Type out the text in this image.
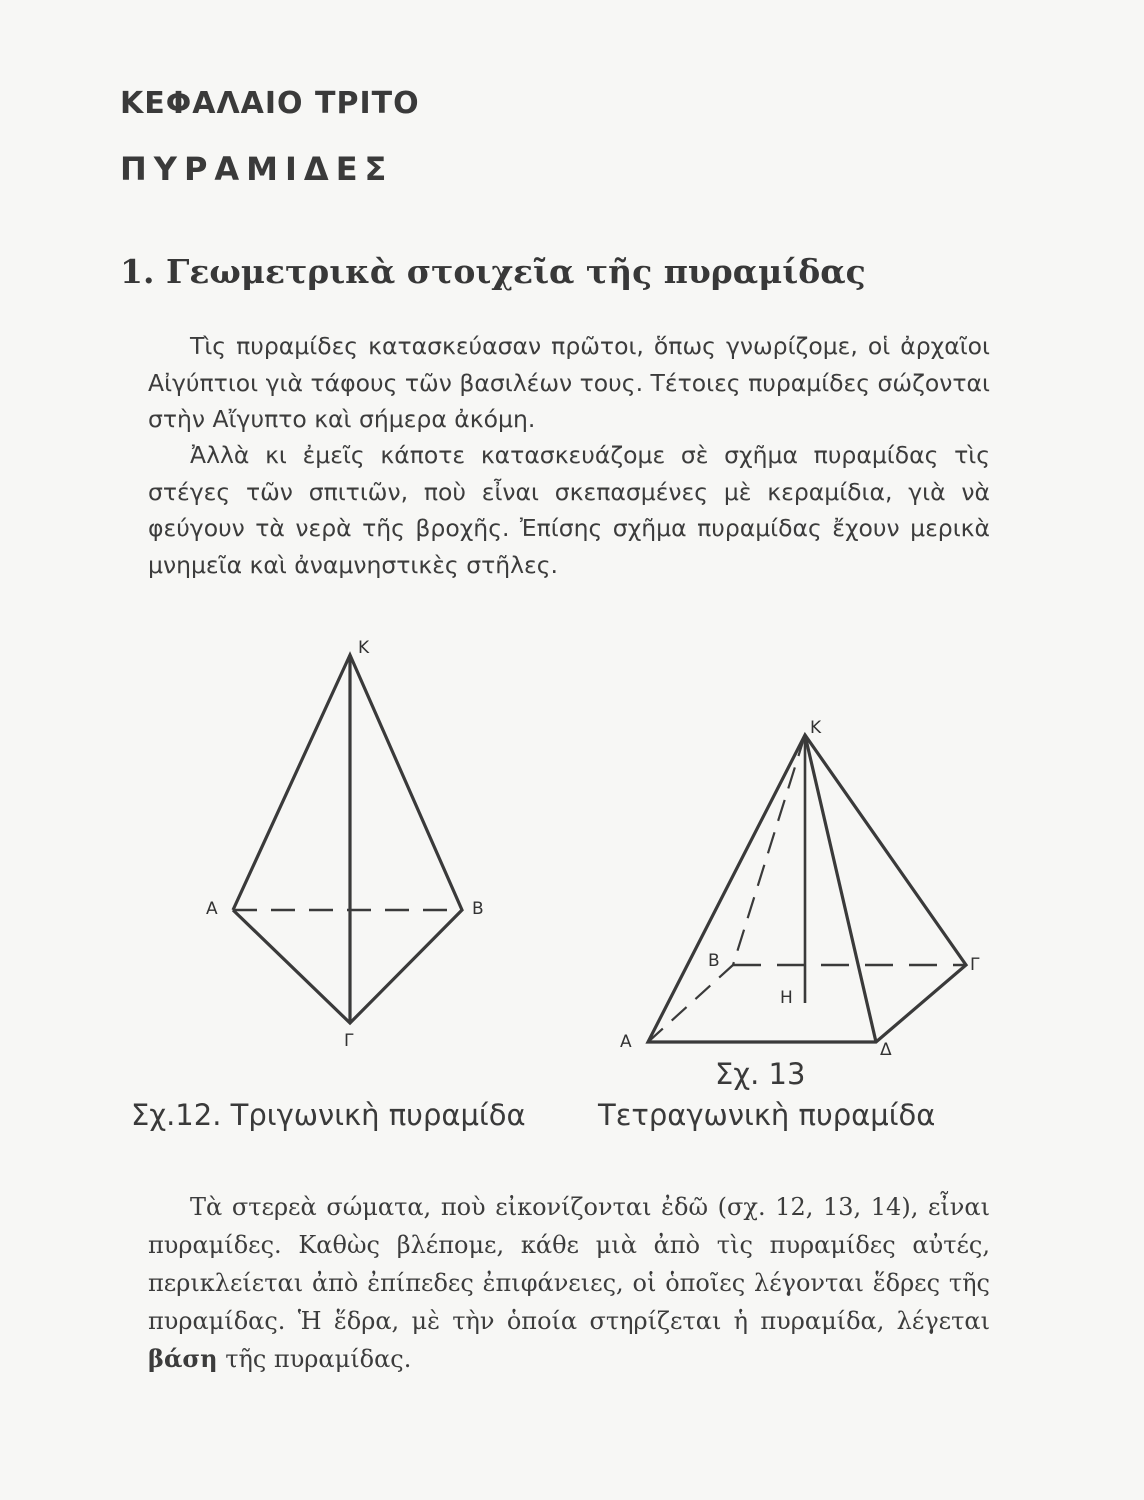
ΚΕΦΑΛΑΙΟ ΤΡΙΤΟ
ΠΥΡΑΜΙΔΕΣ
1. Γεωμετρικὰ στοιχεῖα τῆς πυραμίδας

Τὶς πυραμίδες κατασκεύασαν πρῶτοι, ὅπως γνωρίζομε, οἱ ἀρχαῖοι Αἰγύπτιοι γιὰ τάφους τῶν βασιλέων τους. Τέτοιες πυραμίδες σώζονται στὴν Αἴγυπτο καὶ σήμερα ἀκόμη.

Ἀλλὰ κι ἐμεῖς κάποτε κατασκευάζομε σὲ σχῆμα πυραμίδας τὶς στέγες τῶν σπιτιῶν, ποὺ εἶναι σκεπασμένες μὲ κεραμίδια, γιὰ νὰ φεύγουν τὰ νερὰ τῆς βροχῆς. Ἐπίσης σχῆμα πυραμίδας ἔχουν μερικὰ μνημεῖα καὶ ἀναμνηστικὲς στῆλες.

Κ
Α	Β
Γ
Κ
Β	Γ
Η
Α	Δ
Σχ. 13
Σχ.12. Τριγωνικὴ πυραμίδα Τετραγωνικὴ πυραμίδα

Τὰ στερεὰ σώματα, ποὺ εἰκονίζονται ἐδῶ (σχ. 12, 13, 14), εἶναι πυραμίδες. Καθὼς βλέπομε, κάθε μιὰ ἀπὸ τὶς πυραμίδες αὐτές, περικλείεται ἀπὸ ἐπίπεδες ἐπιφάνειες, οἱ ὁποῖες λέγονται ἕδρες τῆς πυραμίδας. Ἡ ἕδρα, μὲ τὴν ὁποία στηρίζεται ἡ πυραμίδα, λέγεται βάση τῆς πυραμίδας.
